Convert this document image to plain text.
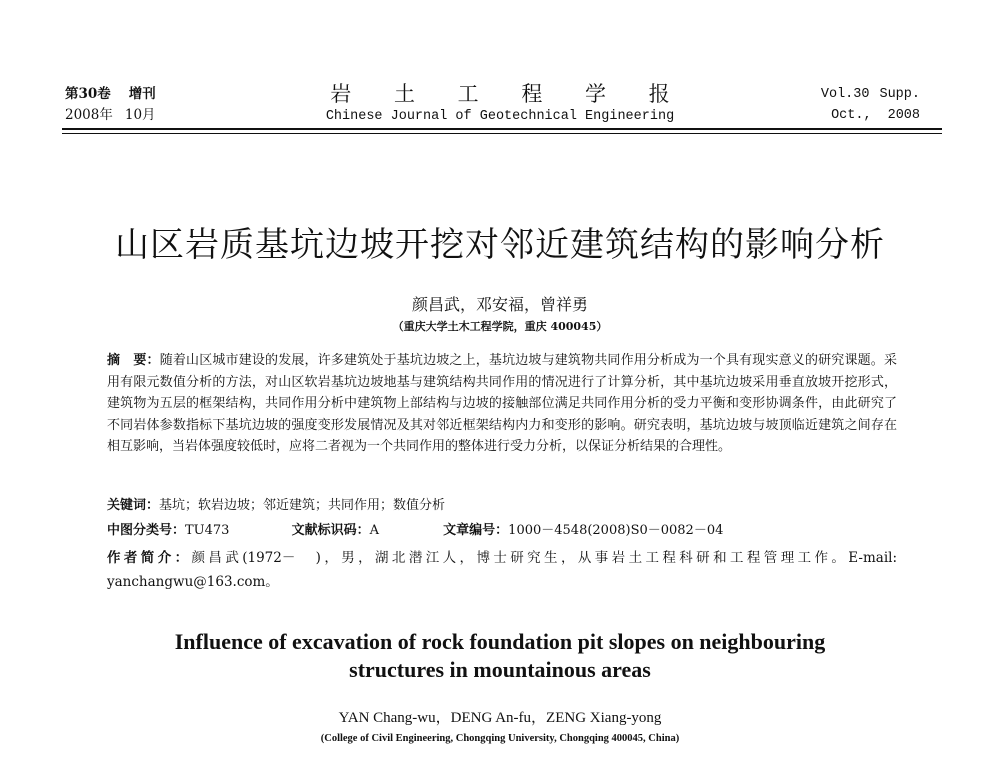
第30卷 增刊
2008年 10月
岩 土 工 程 学 报
Chinese Journal of Geotechnical Engineering
Vol.30 Supp.
Oct., 2008
山区岩质基坑边坡开挖对邻近建筑结构的影响分析
颜昌武，邓安福，曾祥勇
（重庆大学土木工程学院，重庆 400045）
摘　要：随着山区城市建设的发展，许多建筑处于基坑边坡之上，基坑边坡与建筑物共同作用分析成为一个具有现实意义的研究课题。采用有限元数值分析的方法，对山区软岩基坑边坡地基与建筑结构共同作用的情况进行了计算分析，其中基坑边坡采用垂直放坡开挖形式，建筑物为五层的框架结构，共同作用分析中建筑物上部结构与边坡的接触部位满足共同作用分析的受力平衡和变形协调条件，由此研究了不同岩体参数指标下基坑边坡的强度变形发展情况及其对邻近框架结构内力和变形的影响。研究表明，基坑边坡与坡顶临近建筑之间存在相互影响，当岩体强度较低时，应将二者视为一个共同作用的整体进行受力分析，以保证分析结果的合理性。
关键词：基坑；软岩边坡；邻近建筑；共同作用；数值分析
中图分类号：TU473	文献标识码：A	文章编号：1000－4548(2008)S0－0082－04
作者简介：颜昌武(1972－　)，男，湖北潜江人，博士研究生，从事岩土工程科研和工程管理工作。E-mail: yanchangwu@163.com。
Influence of excavation of rock foundation pit slopes on neighbouring
structures in mountainous areas
YAN Chang-wu，DENG An-fu，ZENG Xiang-yong
(College of Civil Engineering, Chongqing University, Chongqing 400045, China)
